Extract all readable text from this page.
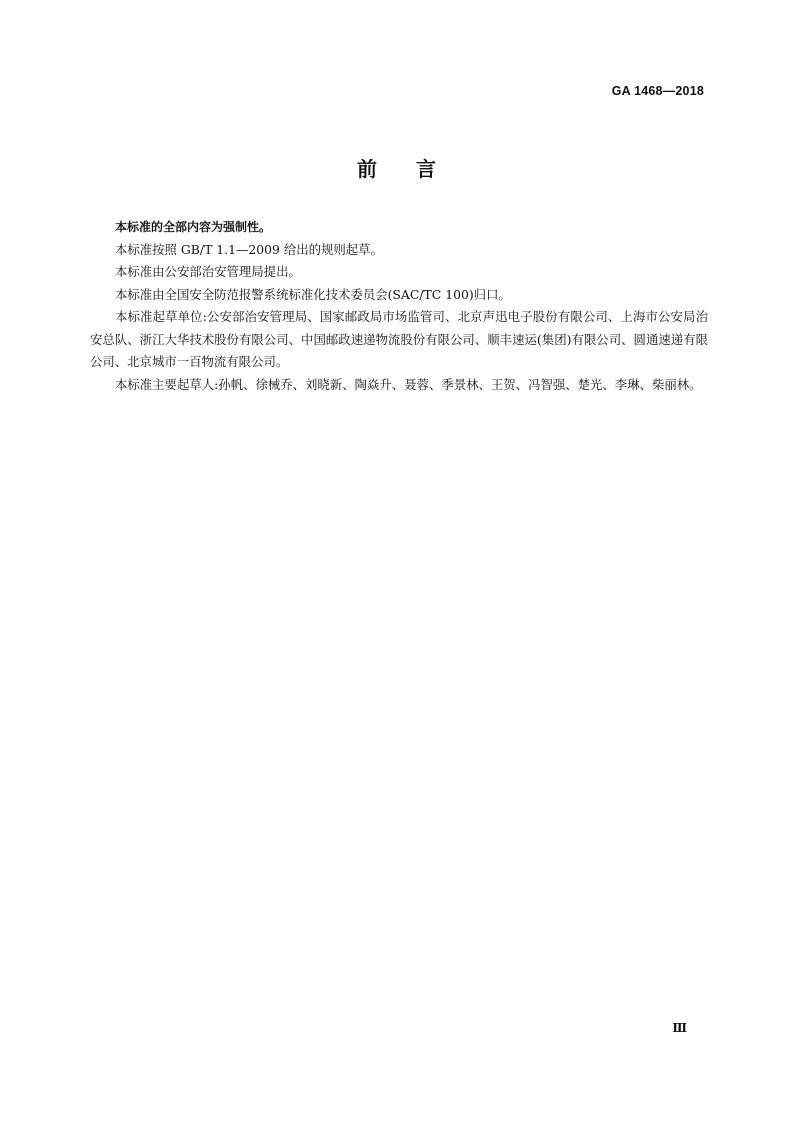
GA 1468—2018
前 言

本标准的全部内容为强制性。

本标准按照 GB/T 1.1—2009 给出的规则起草。

本标准由公安部治安管理局提出。

本标准由全国安全防范报警系统标准化技术委员会(SAC/TC 100)归口。

本标准起草单位:公安部治安管理局、国家邮政局市场监管司、北京声迅电子股份有限公司、上海市公安局治安总队、浙江大华技术股份有限公司、中国邮政速递物流股份有限公司、顺丰速运(集团)有限公司、圆通速递有限公司、北京城市一百物流有限公司。

本标准主要起草人:孙帆、徐械乔、刘晓新、陶焱升、聂蓉、季景林、王贺、冯智强、楚光、李琳、柴丽林。

Ⅲ
